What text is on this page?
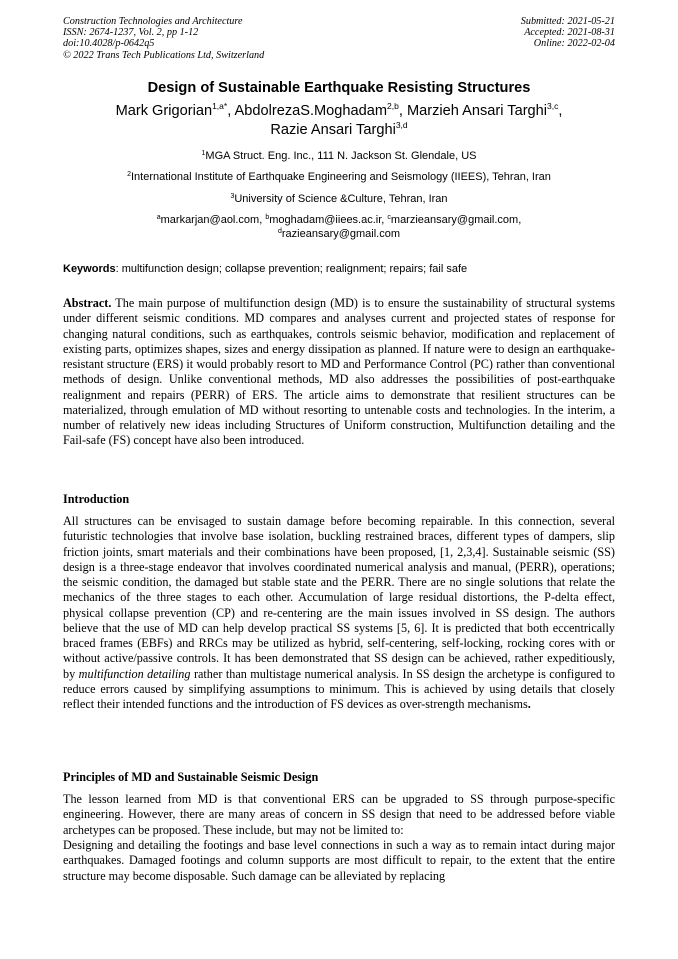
Construction Technologies and Architecture
ISSN: 2674-1237, Vol. 2, pp 1-12
doi:10.4028/p-0642q5
© 2022 Trans Tech Publications Ltd, Switzerland
Submitted: 2021-05-21
Accepted: 2021-08-31
Online: 2022-02-04
Design of Sustainable Earthquake Resisting Structures
Mark Grigorian$^{1,a*}$, AbdolrezaS.Moghadam$^{2,b}$, Marzieh Ansari Targhi$^{3,c}$,
Razie Ansari Targhi$^{3,d}$
$^1$MGA Struct. Eng. Inc., 111 N. Jackson St. Glendale, US
$^2$International Institute of Earthquake Engineering and Seismology (IIEES), Tehran, Iran
$^3$University of Science &Culture, Tehran, Iran
$^a$markarjan@aol.com, $^b$moghadam@iiees.ac.ir, $^c$marzieansary@gmail.com,
$^d$razieansary@gmail.com
Keywords: multifunction design; collapse prevention; realignment; repairs; fail safe

Abstract. The main purpose of multifunction design (MD) is to ensure the sustainability of structural systems under different seismic conditions. MD compares and analyses current and projected states of response for changing natural conditions, such as earthquakes, controls seismic behavior, modification and replacement of existing parts, optimizes shapes, sizes and energy dissipation as planned. If nature were to design an earthquake-resistant structure (ERS) it would probably resort to MD and Performance Control (PC) rather than conventional methods of design. Unlike conventional methods, MD also addresses the possibilities of post-earthquake realignment and repairs (PERR) of ERS. The article aims to demonstrate that resilient structures can be materialized, through emulation of MD without resorting to untenable costs and technologies. In the interim, a number of relatively new ideas including Structures of Uniform construction, Multifunction detailing and the Fail-safe (FS) concept have also been introduced.

Introduction

All structures can be envisaged to sustain damage before becoming repairable. In this connection, several futuristic technologies that involve base isolation, buckling restrained braces, different types of dampers, slip friction joints, smart materials and their combinations have been proposed, [1, 2,3,4]. Sustainable seismic (SS) design is a three-stage endeavor that involves coordinated numerical analysis and manual, (PERR), operations; the seismic condition, the damaged but stable state and the PERR. There are no single solutions that relate the mechanics of the three stages to each other. Accumulation of large residual distortions, the P-delta effect, physical collapse prevention (CP) and re-centering are the main issues involved in SS design. The authors believe that the use of MD can help develop practical SS systems [5, 6]. It is predicted that both eccentrically braced frames (EBFs) and RRCs may be utilized as hybrid, self-centering, self-locking, rocking cores with or without active/passive controls. It has been demonstrated that SS design can be achieved, rather expeditiously, by multifunction detailing rather than multistage numerical analysis. In SS design the archetype is configured to reduce errors caused by simplifying assumptions to minimum. This is achieved by using details that closely reflect their intended functions and the introduction of FS devices as over-strength mechanisms.

Principles of MD and Sustainable Seismic Design

The lesson learned from MD is that conventional ERS can be upgraded to SS through purpose-specific engineering. However, there are many areas of concern in SS design that need to be addressed before viable archetypes can be proposed. These include, but may not be limited to:

Designing and detailing the footings and base level connections in such a way as to remain intact during major earthquakes. Damaged footings and column supports are most difficult to repair, to the extent that the entire structure may become disposable. Such damage can be alleviated by replacing
